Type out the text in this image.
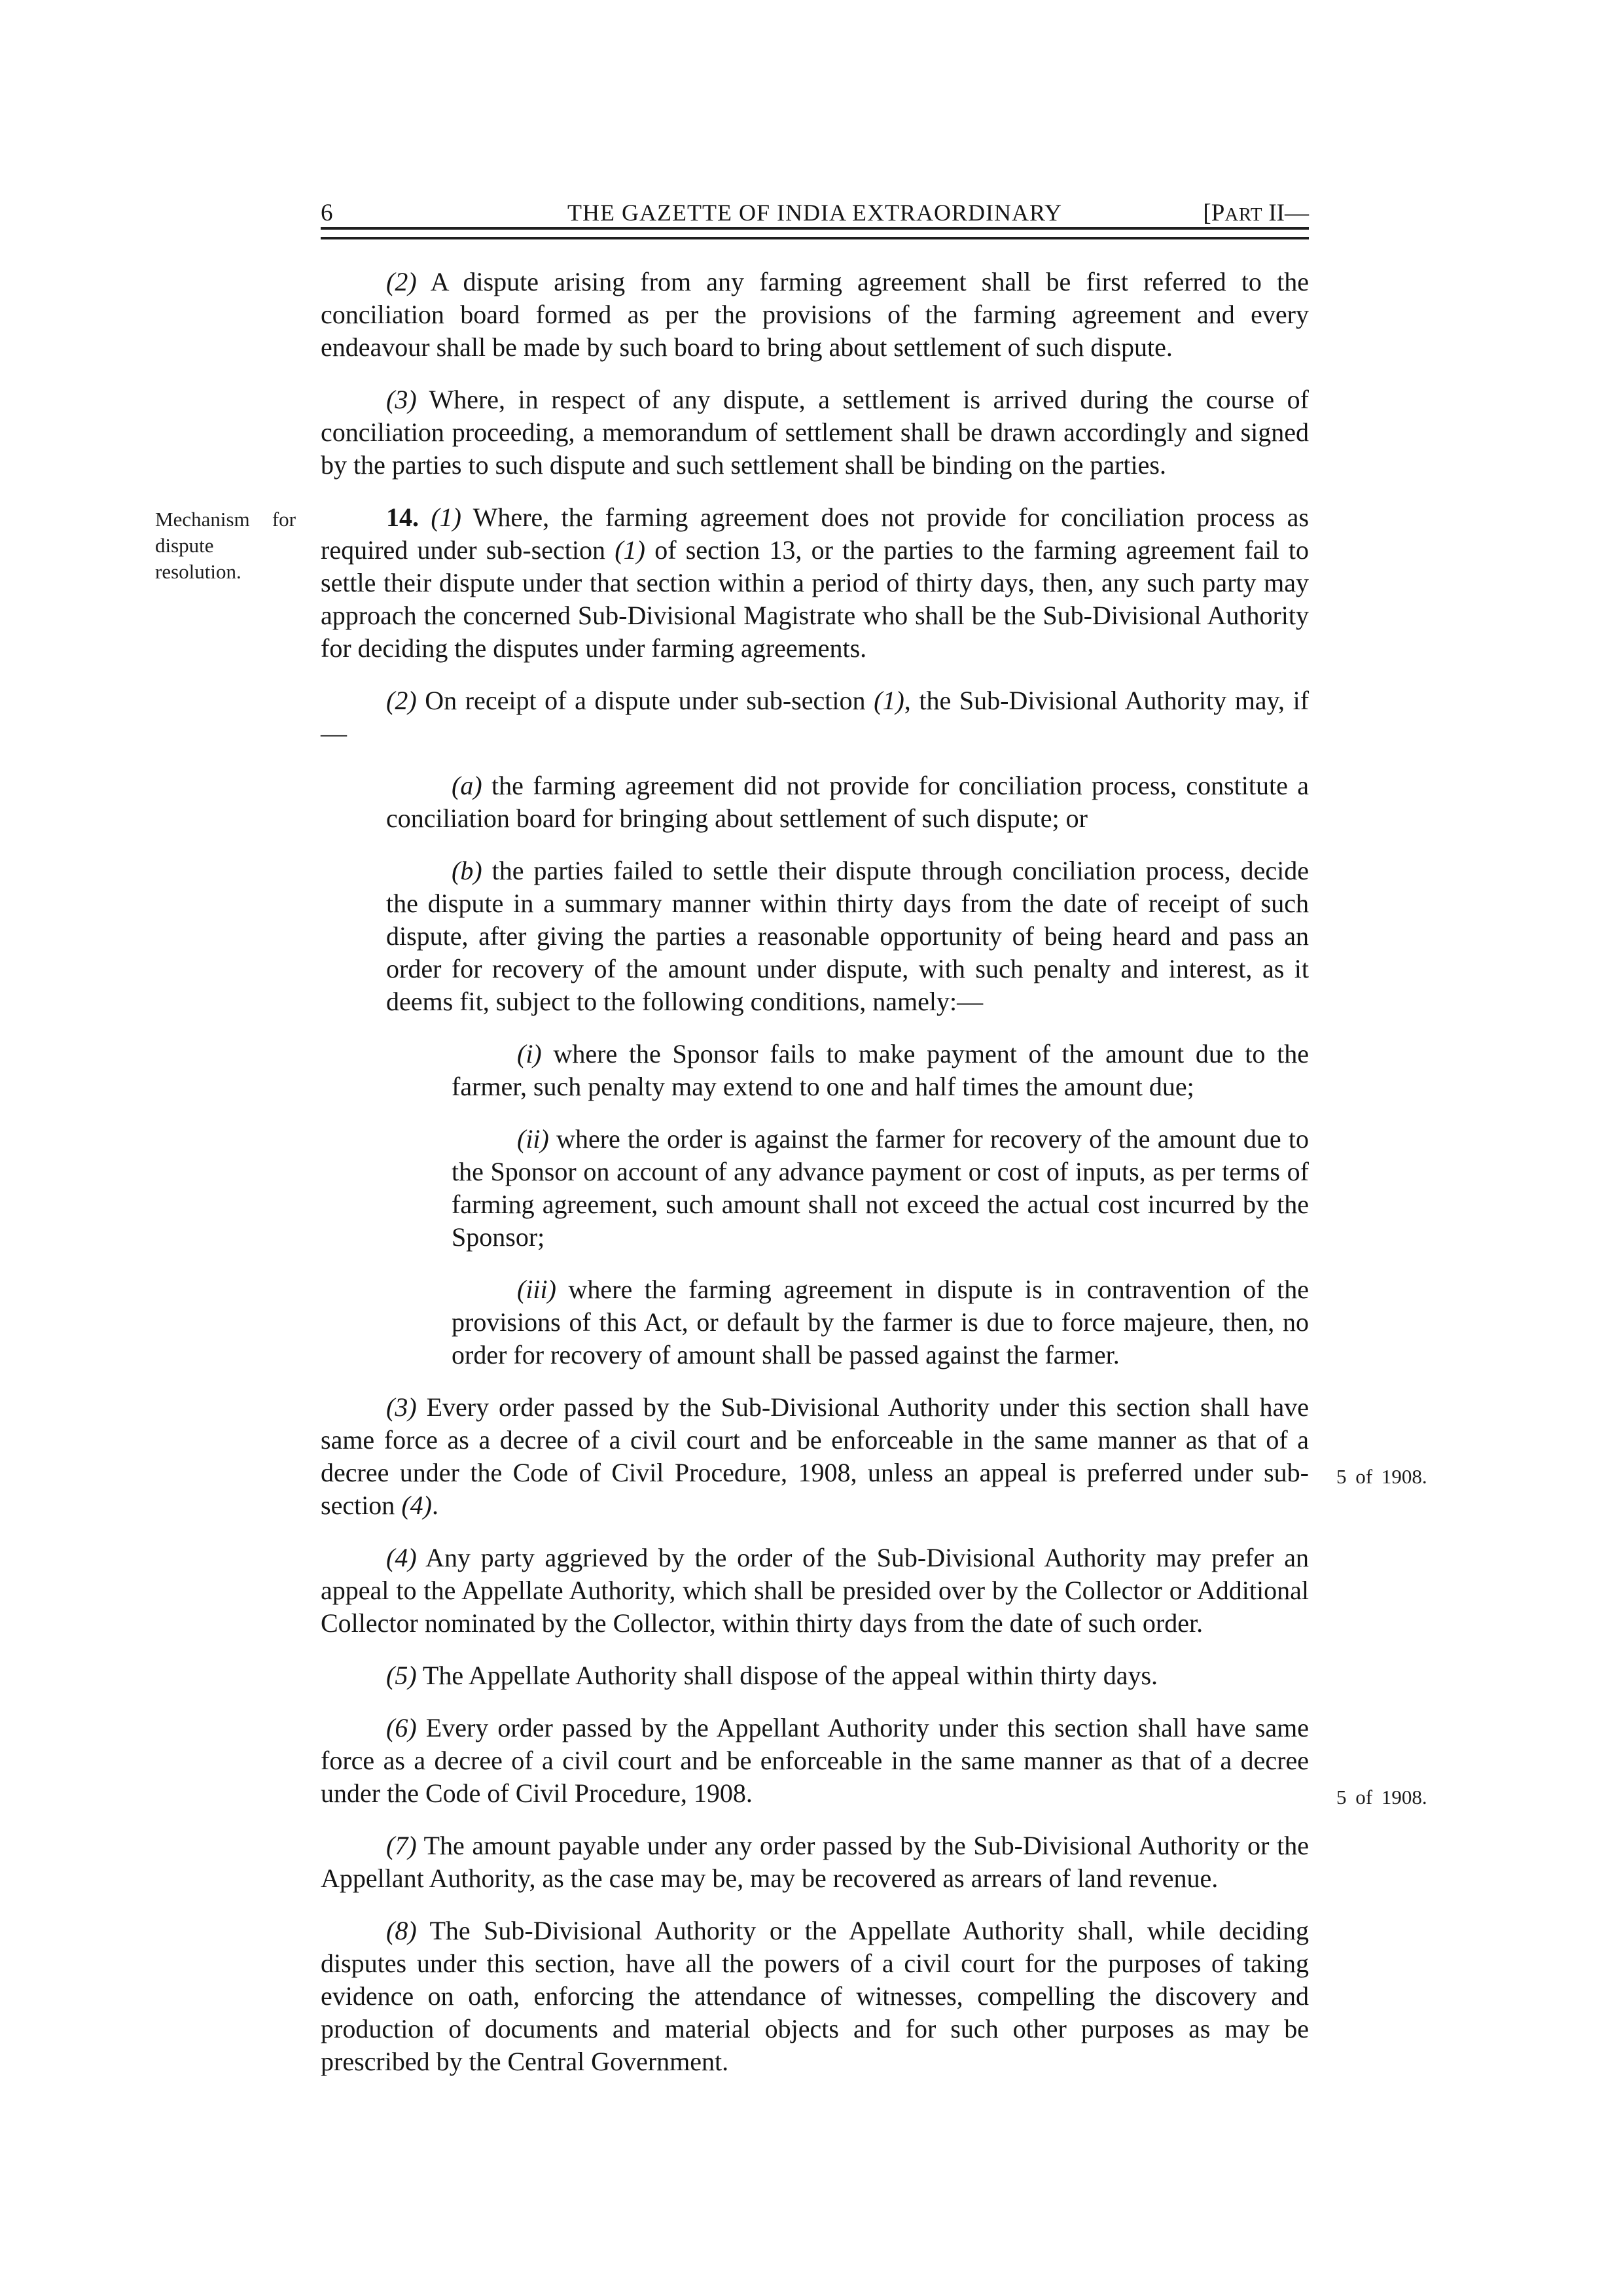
6	THE GAZETTE OF INDIA EXTRAORDINARY	[PART II—

(2) A dispute arising from any farming agreement shall be first referred to the conciliation board formed as per the provisions of the farming agreement and every endeavour shall be made by such board to bring about settlement of such dispute.

(3) Where, in respect of any dispute, a settlement is arrived during the course of conciliation proceeding, a memorandum of settlement shall be drawn accordingly and signed by the parties to such dispute and such settlement shall be binding on the parties.

14. (1) Where, the farming agreement does not provide for conciliation process as required under sub-section (1) of section 13, or the parties to the farming agreement fail to settle their dispute under that section within a period of thirty days, then, any such party may approach the concerned Sub-Divisional Magistrate who shall be the Sub-Divisional Authority for deciding the disputes under farming agreements.
Mechanism for dispute resolution.

(2) On receipt of a dispute under sub-section (1), the Sub-Divisional Authority may, if—

(a) the farming agreement did not provide for conciliation process, constitute a conciliation board for bringing about settlement of such dispute; or

(b) the parties failed to settle their dispute through conciliation process, decide the dispute in a summary manner within thirty days from the date of receipt of such dispute, after giving the parties a reasonable opportunity of being heard and pass an order for recovery of the amount under dispute, with such penalty and interest, as it deems fit, subject to the following conditions, namely:—

(i) where the Sponsor fails to make payment of the amount due to the farmer, such penalty may extend to one and half times the amount due;

(ii) where the order is against the farmer for recovery of the amount due to the Sponsor on account of any advance payment or cost of inputs, as per terms of farming agreement, such amount shall not exceed the actual cost incurred by the Sponsor;

(iii) where the farming agreement in dispute is in contravention of the provisions of this Act, or default by the farmer is due to force majeure, then, no order for recovery of amount shall be passed against the farmer.

(3) Every order passed by the Sub-Divisional Authority under this section shall have same force as a decree of a civil court and be enforceable in the same manner as that of a decree under the Code of Civil Procedure, 1908, unless an appeal is preferred under sub-section (4).
5 of 1908.

(4) Any party aggrieved by the order of the Sub-Divisional Authority may prefer an appeal to the Appellate Authority, which shall be presided over by the Collector or Additional Collector nominated by the Collector, within thirty days from the date of such order.

(5) The Appellate Authority shall dispose of the appeal within thirty days.

(6) Every order passed by the Appellant Authority under this section shall have same force as a decree of a civil court and be enforceable in the same manner as that of a decree under the Code of Civil Procedure, 1908.	5 of 1908.

(7) The amount payable under any order passed by the Sub-Divisional Authority or the Appellant Authority, as the case may be, may be recovered as arrears of land revenue.

(8) The Sub-Divisional Authority or the Appellate Authority shall, while deciding disputes under this section, have all the powers of a civil court for the purposes of taking evidence on oath, enforcing the attendance of witnesses, compelling the discovery and production of documents and material objects and for such other purposes as may be prescribed by the Central Government.
